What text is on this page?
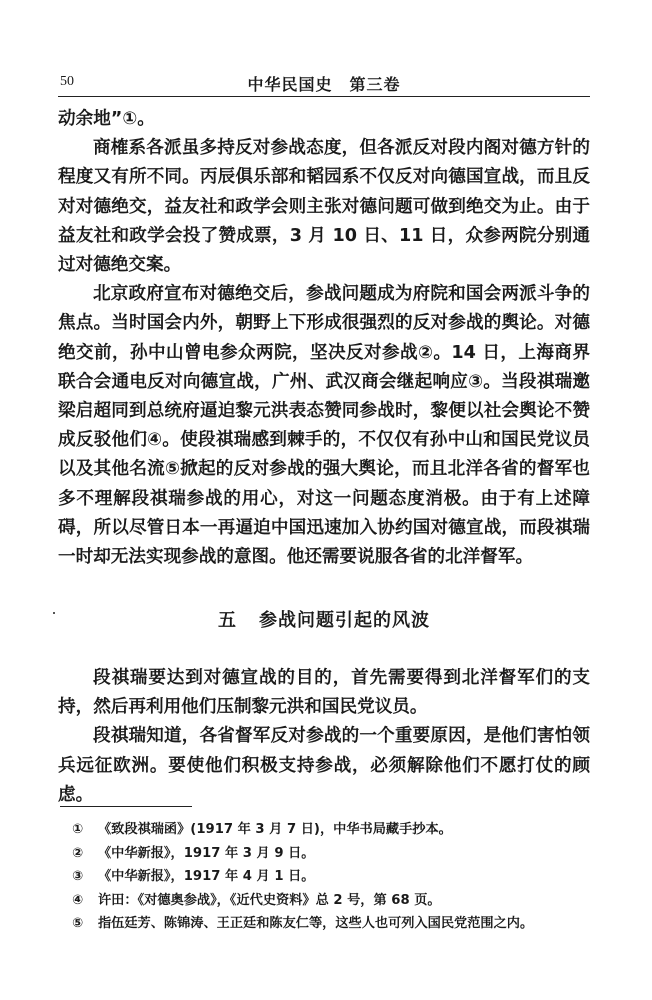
50	中华民国史　第三卷

动余地”①。

商榷系各派虽多持反对参战态度，但各派反对段内阁对德方针的程度又有所不同。丙辰俱乐部和韬园系不仅反对向德国宣战，而且反对对德绝交，益友社和政学会则主张对德问题可做到绝交为止。由于益友社和政学会投了赞成票，3 月 10 日、11 日，众参两院分别通过对德绝交案。

北京政府宣布对德绝交后，参战问题成为府院和国会两派斗争的焦点。当时国会内外，朝野上下形成很强烈的反对参战的舆论。对德绝交前，孙中山曾电参众两院，坚决反对参战②。14 日，上海商界联合会通电反对向德宣战，广州、武汉商会继起响应③。当段祺瑞邀梁启超同到总统府逼迫黎元洪表态赞同参战时，黎便以社会舆论不赞成反驳他们④。使段祺瑞感到棘手的，不仅仅有孙中山和国民党议员以及其他名流⑤掀起的反对参战的强大舆论，而且北洋各省的督军也多不理解段祺瑞参战的用心，对这一问题态度消极。由于有上述障碍，所以尽管日本一再逼迫中国迅速加入协约国对德宣战，而段祺瑞一时却无法实现参战的意图。他还需要说服各省的北洋督军。

五 参战问题引起的风波

段祺瑞要达到对德宣战的目的，首先需要得到北洋督军们的支持，然后再利用他们压制黎元洪和国民党议员。

段祺瑞知道，各省督军反对参战的一个重要原因，是他们害怕领兵远征欧洲。要使他们积极支持参战，必须解除他们不愿打仗的顾虑。

① 《致段祺瑞函》(1917 年 3 月 7 日)，中华书局藏手抄本。
② 《中华新报》，1917 年 3 月 9 日。
③ 《中华新报》，1917 年 4 月 1 日。
④ 许田：《对德奥参战》，《近代史资料》总 2 号，第 68 页。
⑤ 指伍廷芳、陈锦涛、王正廷和陈友仁等，这些人也可列入国民党范围之内。
